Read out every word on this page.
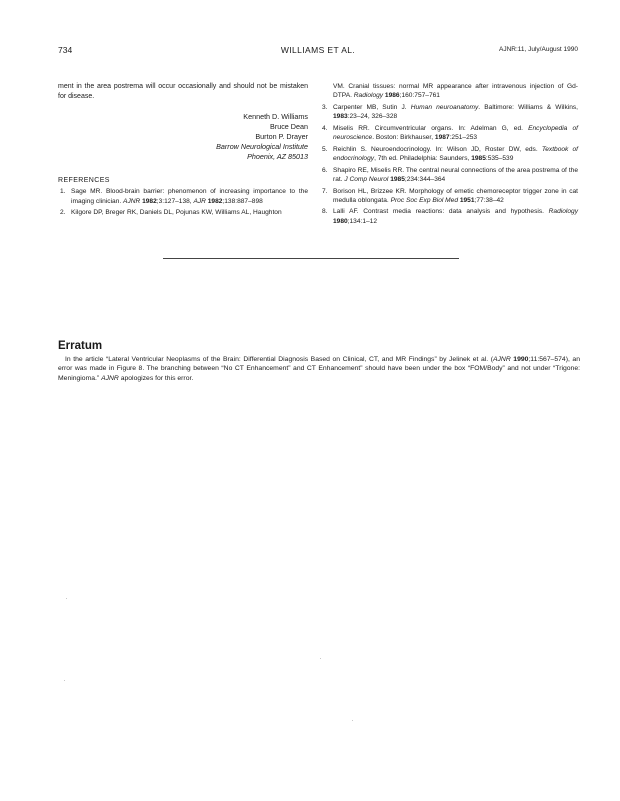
734	WILLIAMS ET AL.	AJNR:11, July/August 1990

ment in the area postrema will occur occasionally and should not be mistaken for disease.

Kenneth D. Williams
Bruce Dean
Burton P. Drayer
Barrow Neurological Institute
Phoenix, AZ 85013
REFERENCES
1. Sage MR. Blood-brain barrier: phenomenon of increasing importance to the imaging clinician. AJNR 1982;3:127–138, AJR 1982;138:887–898
2. Kilgore DP, Breger RK, Daniels DL, Pojunas KW, Williams AL, Haughton
VM. Cranial tissues: normal MR appearance after intravenous injection of Gd-DTPA. Radiology 1986;160:757–761
3. Carpenter MB, Sutin J. Human neuroanatomy. Baltimore: Williams & Wilkins, 1983:23–24, 326–328
4. Miselis RR. Circumventricular organs. In: Adelman G, ed. Encyclopedia of neuroscience. Boston: Birkhauser, 1987:251–253
5. Reichlin S. Neuroendocrinology. In: Wilson JD, Roster DW, eds. Textbook of endocrinology, 7th ed. Philadelphia: Saunders, 1985:535–539
6. Shapiro RE, Miselis RR. The central neural connections of the area postrema of the rat. J Comp Neurol 1985;234:344–364
7. Borison HL, Brizzee KR. Morphology of emetic chemoreceptor trigger zone in cat medulla oblongata. Proc Soc Exp Biol Med 1951;77:38–42
8. Lalli AF. Contrast media reactions: data analysis and hypothesis. Radiology 1980;134:1–12
Erratum

In the article “Lateral Ventricular Neoplasms of the Brain: Differential Diagnosis Based on Clinical, CT, and MR Findings” by Jelinek et al. (AJNR 1990;11:567–574), an error was made in Figure 8. The branching between “No CT Enhancement” and CT Enhancement” should have been under the box “FOM/Body” and not under “Trigone: Meningioma.” AJNR apologizes for this error.
